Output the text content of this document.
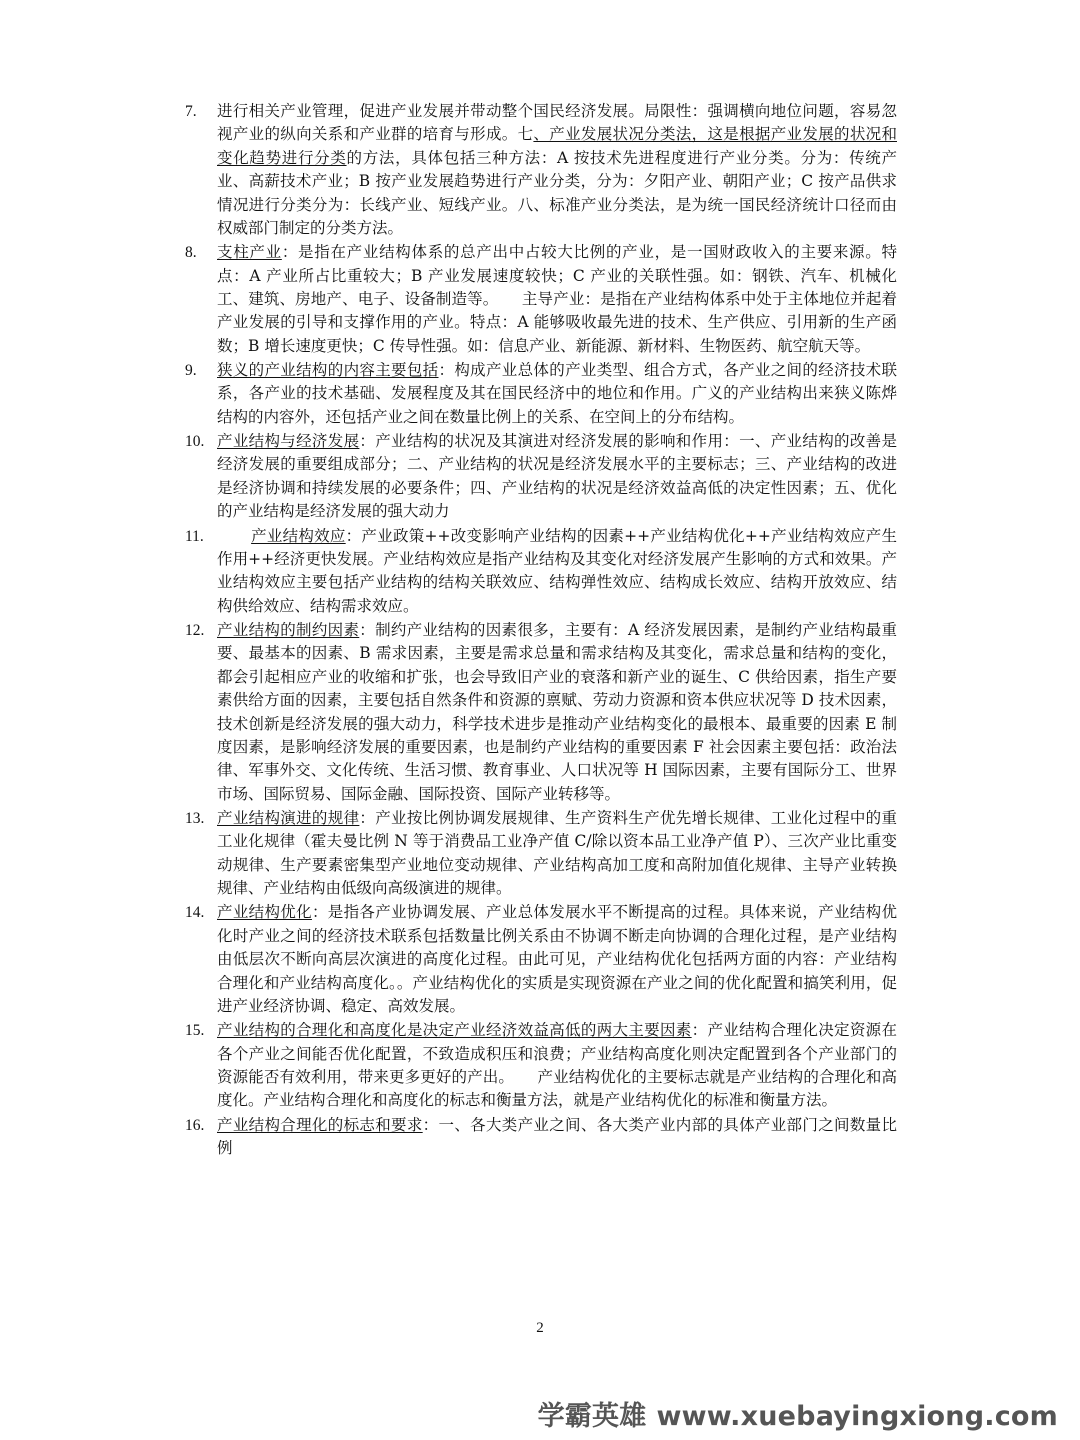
7.	进行相关产业管理，促进产业发展并带动整个国民经济发展。局限性：强调横向地位问题，容易忽视产业的纵向关系和产业群的培育与形成。七、产业发展状况分类法，这是根据产业发展的状况和变化趋势进行分类的方法，具体包括三种方法：A 按技术先进程度进行产业分类。分为：传统产业、高薪技术产业；B 按产业发展趋势进行产业分类，分为：夕阳产业、朝阳产业；C 按产品供求情况进行分类分为：长线产业、短线产业。八、标准产业分类法，是为统一国民经济统计口径而由权威部门制定的分类方法。
8.	支柱产业：是指在产业结构体系的总产出中占较大比例的产业，是一国财政收入的主要来源。特点：A 产业所占比重较大；B 产业发展速度较快；C 产业的关联性强。如：钢铁、汽车、机械化工、建筑、房地产、电子、设备制造等。　　主导产业：是指在产业结构体系中处于主体地位并起着产业发展的引导和支撑作用的产业。特点：A 能够吸收最先进的技术、生产供应、引用新的生产函数；B 增长速度更快；C 传导性强。如：信息产业、新能源、新材料、生物医药、航空航天等。
9.	狭义的产业结构的内容主要包括：构成产业总体的产业类型、组合方式，各产业之间的经济技术联系，各产业的技术基础、发展程度及其在国民经济中的地位和作用。广义的产业结构出来狭义陈烨结构的内容外，还包括产业之间在数量比例上的关系、在空间上的分布结构。
10. 产业结构与经济发展：产业结构的状况及其演进对经济发展的影响和作用：一、产业结构的改善是经济发展的重要组成部分；二、产业结构的状况是经济发展水平的主要标志；三、产业结构的改进是经济协调和持续发展的必要条件；四、产业结构的状况是经济效益高低的决定性因素；五、优化的产业结构是经济发展的强大动力
11.	产业结构效应：产业政策++改变影响产业结构的因素++产业结构优化++产业结构效应产生作用++经济更快发展。产业结构效应是指产业结构及其变化对经济发展产生影响的方式和效果。产业结构效应主要包括产业结构的结构关联效应、结构弹性效应、结构成长效应、结构开放效应、结构供给效应、结构需求效应。
12. 产业结构的制约因素：制约产业结构的因素很多，主要有：A 经济发展因素，是制约产业结构最重要、最基本的因素、B 需求因素，主要是需求总量和需求结构及其变化，需求总量和结构的变化，都会引起相应产业的收缩和扩张，也会导致旧产业的衰落和新产业的诞生、C 供给因素，指生产要素供给方面的因素，主要包括自然条件和资源的禀赋、劳动力资源和资本供应状况等 D 技术因素，技术创新是经济发展的强大动力，科学技术进步是推动产业结构变化的最根本、最重要的因素 E 制度因素，是影响经济发展的重要因素，也是制约产业结构的重要因素 F 社会因素主要包括：政治法律、军事外交、文化传统、生活习惯、教育事业、人口状况等 H 国际因素，主要有国际分工、世界市场、国际贸易、国际金融、国际投资、国际产业转移等。
13. 产业结构演进的规律：产业按比例协调发展规律、生产资料生产优先增长规律、工业化过程中的重工业化规律（霍夫曼比例 N 等于消费品工业净产值 C/除以资本品工业净产值 P）、三次产业比重变动规律、生产要素密集型产业地位变动规律、产业结构高加工度和高附加值化规律、主导产业转换规律、产业结构由低级向高级演进的规律。
14. 产业结构优化：是指各产业协调发展、产业总体发展水平不断提高的过程。具体来说，产业结构优化时产业之间的经济技术联系包括数量比例关系由不协调不断走向协调的合理化过程，是产业结构由低层次不断向高层次演进的高度化过程。由此可见，产业结构优化包括两方面的内容：产业结构合理化和产业结构高度化。。产业结构优化的实质是实现资源在产业之间的优化配置和搞笑利用，促进产业经济协调、稳定、高效发展。
15. 产业结构的合理化和高度化是决定产业经济效益高低的两大主要因素：产业结构合理化决定资源在各个产业之间能否优化配置，不致造成积压和浪费；产业结构高度化则决定配置到各个产业部门的资源能否有效利用，带来更多更好的产出。　　产业结构优化的主要标志就是产业结构的合理化和高度化。产业结构合理化和高度化的标志和衡量方法，就是产业结构优化的标准和衡量方法。
16. 产业结构合理化的标志和要求：一、各大类产业之间、各大类产业内部的具体产业部门之间数量比例
2
学霸英雄 www.xuebayingxiong.com
